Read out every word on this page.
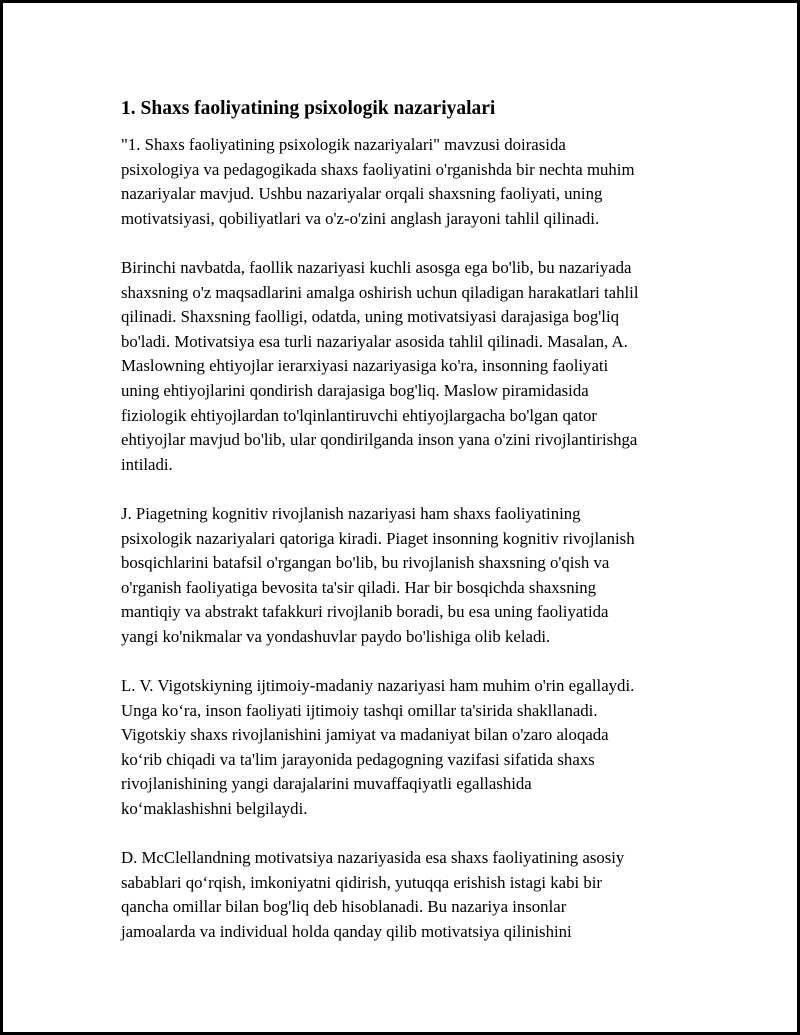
1. Shaxs faoliyatining psixologik nazariyalari

"1. Shaxs faoliyatining psixologik nazariyalari" mavzusi doirasida
psixologiya va pedagogikada shaxs faoliyatini o'rganishda bir nechta muhim
nazariyalar mavjud. Ushbu nazariyalar orqali shaxsning faoliyati, uning
motivatsiyasi, qobiliyatlari va o'z-o'zini anglash jarayoni tahlil qilinadi.

Birinchi navbatda, faollik nazariyasi kuchli asosga ega bo'lib, bu nazariyada
shaxsning o'z maqsadlarini amalga oshirish uchun qiladigan harakatlari tahlil
qilinadi. Shaxsning faolligi, odatda, uning motivatsiyasi darajasiga bog'liq
bo'ladi. Motivatsiya esa turli nazariyalar asosida tahlil qilinadi. Masalan, A.
Maslowning ehtiyojlar ierarxiyasi nazariyasiga ko'ra, insonning faoliyati
uning ehtiyojlarini qondirish darajasiga bog'liq. Maslow piramidasida
fiziologik ehtiyojlardan to'lqinlantiruvchi ehtiyojlargacha bo'lgan qator
ehtiyojlar mavjud bo'lib, ular qondirilganda inson yana o'zini rivojlantirishga
intiladi.

J. Piagetning kognitiv rivojlanish nazariyasi ham shaxs faoliyatining
psixologik nazariyalari qatoriga kiradi. Piaget insonning kognitiv rivojlanish
bosqichlarini batafsil o'rgangan bo'lib, bu rivojlanish shaxsning o'qish va
o'rganish faoliyatiga bevosita ta'sir qiladi. Har bir bosqichda shaxsning
mantiqiy va abstrakt tafakkuri rivojlanib boradi, bu esa uning faoliyatida
yangi ko'nikmalar va yondashuvlar paydo bo'lishiga olib keladi.

L. V. Vigotskiyning ijtimoiy-madaniy nazariyasi ham muhim o'rin egallaydi.
Unga ko‘ra, inson faoliyati ijtimoiy tashqi omillar ta'sirida shakllanadi.
Vigotskiy shaxs rivojlanishini jamiyat va madaniyat bilan o'zaro aloqada
ko‘rib chiqadi va ta'lim jarayonida pedagogning vazifasi sifatida shaxs
rivojlanishining yangi darajalarini muvaffaqiyatli egallashida
ko‘maklashishni belgilaydi.

D. McClellandning motivatsiya nazariyasida esa shaxs faoliyatining asosiy
sabablari qo‘rqish, imkoniyatni qidirish, yutuqqa erishish istagi kabi bir
qancha omillar bilan bog'liq deb hisoblanadi. Bu nazariya insonlar
jamoalarda va individual holda qanday qilib motivatsiya qilinishini
